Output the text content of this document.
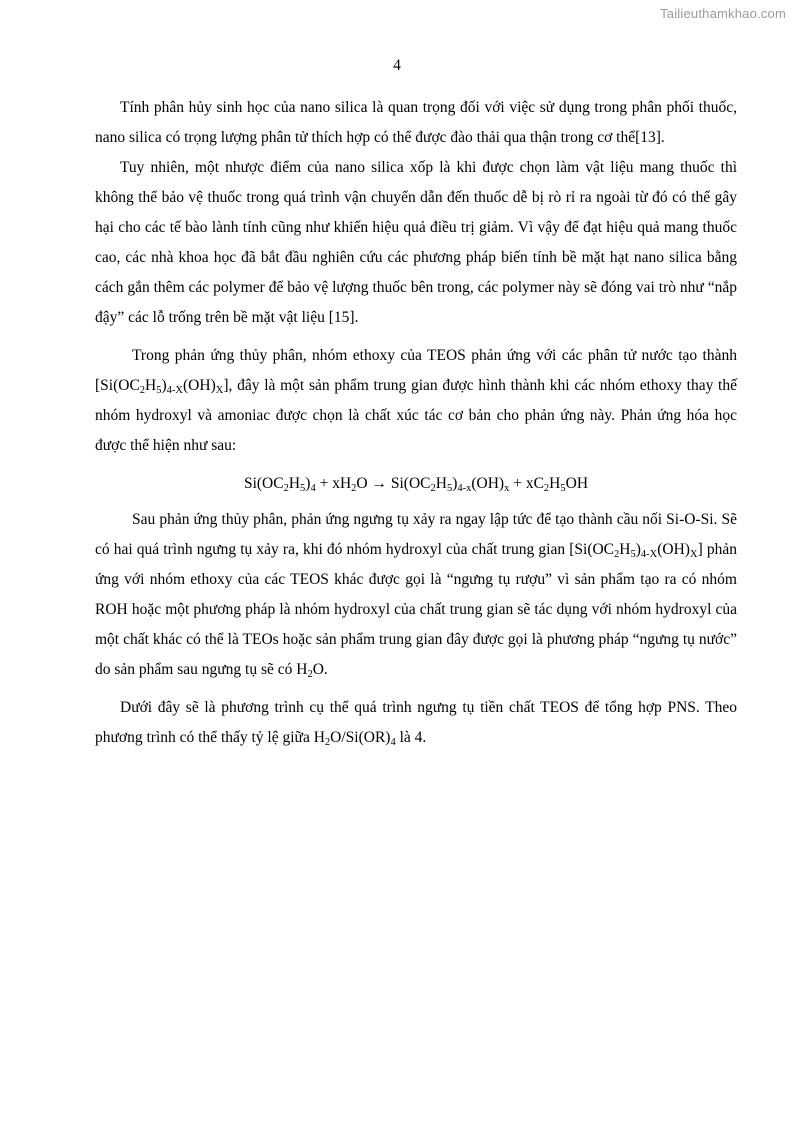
Tailieuthamkhao.com
4

Tính phân hủy sinh học của nano silica là quan trọng đối với việc sử dụng trong phân phối thuốc, nano silica có trọng lượng phân tử thích hợp có thể được đào thải qua thận trong cơ thể[13].

Tuy nhiên, một nhược điểm của nano silica xốp là khi được chọn làm vật liệu mang thuốc thì không thể bảo vệ thuốc trong quá trình vận chuyển dẫn đến thuốc dễ bị rò rỉ ra ngoài từ đó có thể gây hại cho các tế bào lành tính cũng như khiến hiệu quả điều trị giảm. Vì vậy để đạt hiệu quả mang thuốc cao, các nhà khoa học đã bắt đầu nghiên cứu các phương pháp biến tính bề mặt hạt nano silica bằng cách gắn thêm các polymer để bảo vệ lượng thuốc bên trong, các polymer này sẽ đóng vai trò như “nắp đậy” các lỗ trống trên bề mặt vật liệu [15].

Trong phản ứng thủy phân, nhóm ethoxy của TEOS phản ứng với các phân tử nước tạo thành $[Si(OC_2H_5)_{4-X}(OH)_X]$, đây là một sản phẩm trung gian được hình thành khi các nhóm ethoxy thay thế nhóm hydroxyl và amoniac được chọn là chất xúc tác cơ bản cho phản ứng này. Phản ứng hóa học được thể hiện như sau:

$Si(OC_2H_5)_4 + xH_2O \to Si(OC_2H_5)_{4-x}(OH)_x + xC_2H_5OH$

Sau phản ứng thủy phân, phản ứng ngưng tụ xảy ra ngay lập tức để tạo thành cầu nối Si-O-Si. Sẽ có hai quá trình ngưng tụ xảy ra, khi đó nhóm hydroxyl của chất trung gian $[Si(OC_2H_5)_{4-X}(OH)_X]$ phản ứng với nhóm ethoxy của các TEOS khác được gọi là “ngưng tụ rượu” vì sản phẩm tạo ra có nhóm ROH hoặc một phương pháp là nhóm hydroxyl của chất trung gian sẽ tác dụng với nhóm hydroxyl của một chất khác có thể là TEOs hoặc sản phẩm trung gian đây được gọi là phương pháp “ngưng tụ nước” do sản phẩm sau ngưng tụ sẽ có $H_2O$.

Dưới đây sẽ là phương trình cụ thể quá trình ngưng tụ tiền chất TEOS để tổng hợp PNS. Theo phương trình có thể thấy tỷ lệ giữa $H_2O/Si(OR)_4$ là 4.
